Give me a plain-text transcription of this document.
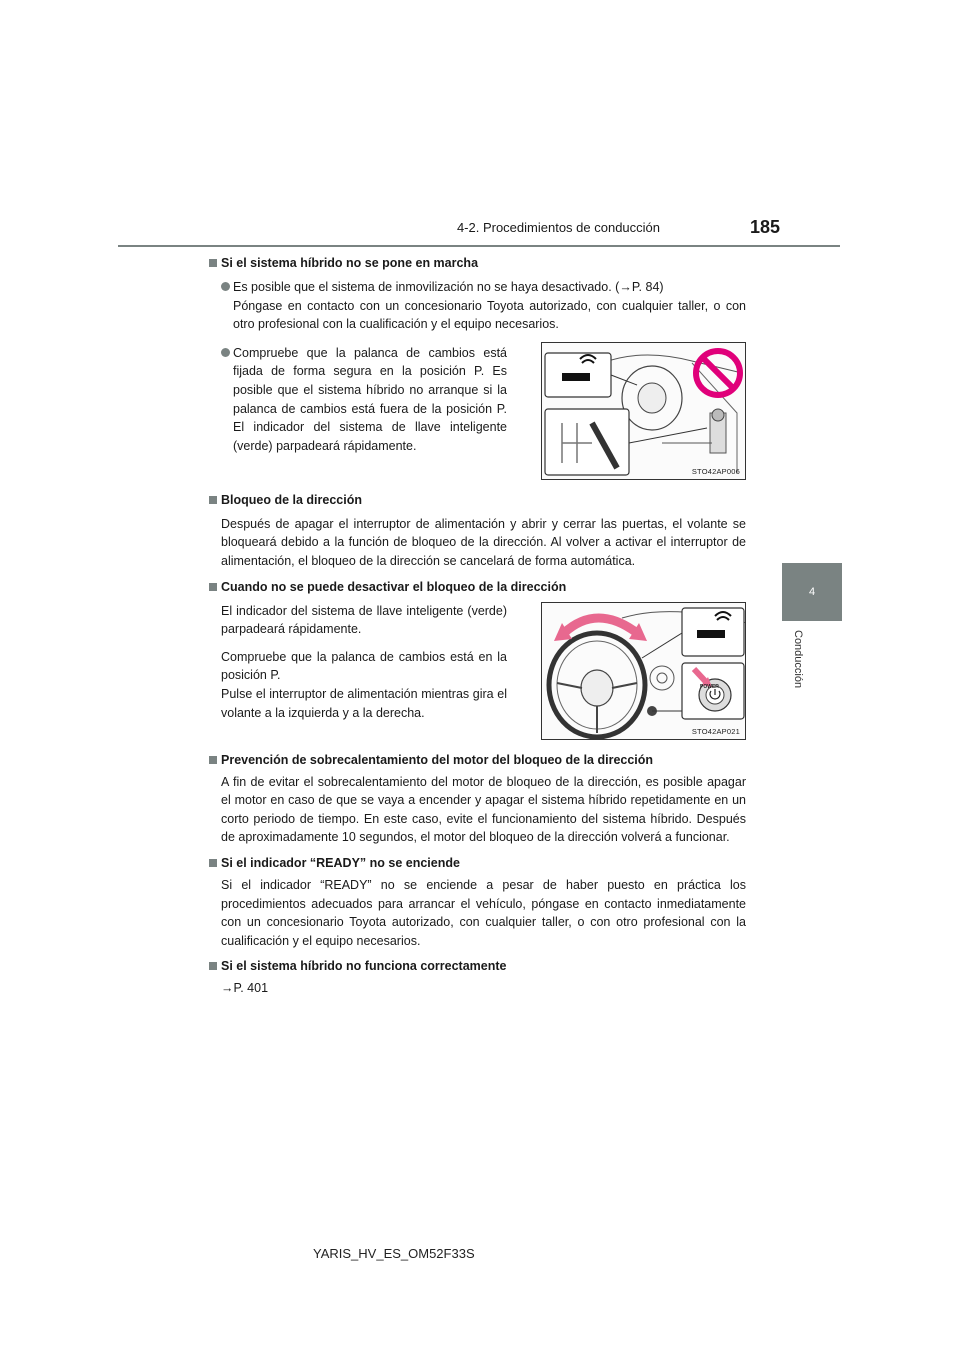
4-2. Procedimientos de conducción	185
4
Conducción
Si el sistema híbrido no se pone en marcha
Es posible que el sistema de inmovilización no se haya desactivado. (→P. 84)
Póngase en contacto con un concesionario Toyota autorizado, con cualquier taller, o con otro profesional con la cualificación y el equipo necesarios.
Compruebe que la palanca de cambios está fijada de forma segura en la posición P. Es posible que el sistema híbrido no arranque si la palanca de cambios está fuera de la posición P. El indicador del sistema de llave inteligente (verde) parpadeará rápidamente.
STO42AP006
Bloqueo de la dirección
Después de apagar el interruptor de alimentación y abrir y cerrar las puertas, el volante se bloqueará debido a la función de bloqueo de la dirección. Al volver a activar el interruptor de alimentación, el bloqueo de la dirección se cancelará de forma automática.
Cuando no se puede desactivar el bloqueo de la dirección
El indicador del sistema de llave inteligente (verde) parpadeará rápidamente.
Compruebe que la palanca de cambios está en la posición P.
Pulse el interruptor de alimentación mientras gira el volante a la izquierda y a la derecha.
POWER
STO42AP021
Prevención de sobrecalentamiento del motor del bloqueo de la dirección
A fin de evitar el sobrecalentamiento del motor de bloqueo de la dirección, es posible apagar el motor en caso de que se vaya a encender y apagar el sistema híbrido repetidamente en un corto periodo de tiempo. En este caso, evite el funcionamiento del sistema híbrido. Después de aproximadamente 10 segundos, el motor del bloqueo de la dirección volverá a funcionar.
Si el indicador “READY” no se enciende
Si el indicador “READY” no se enciende a pesar de haber puesto en práctica los procedimientos adecuados para arrancar el vehículo, póngase en contacto inmediatamente con un concesionario Toyota autorizado, con cualquier taller, o con otro profesional con la cualificación y el equipo necesarios.
Si el sistema híbrido no funciona correctamente
→P. 401
YARIS_HV_ES_OM52F33S
